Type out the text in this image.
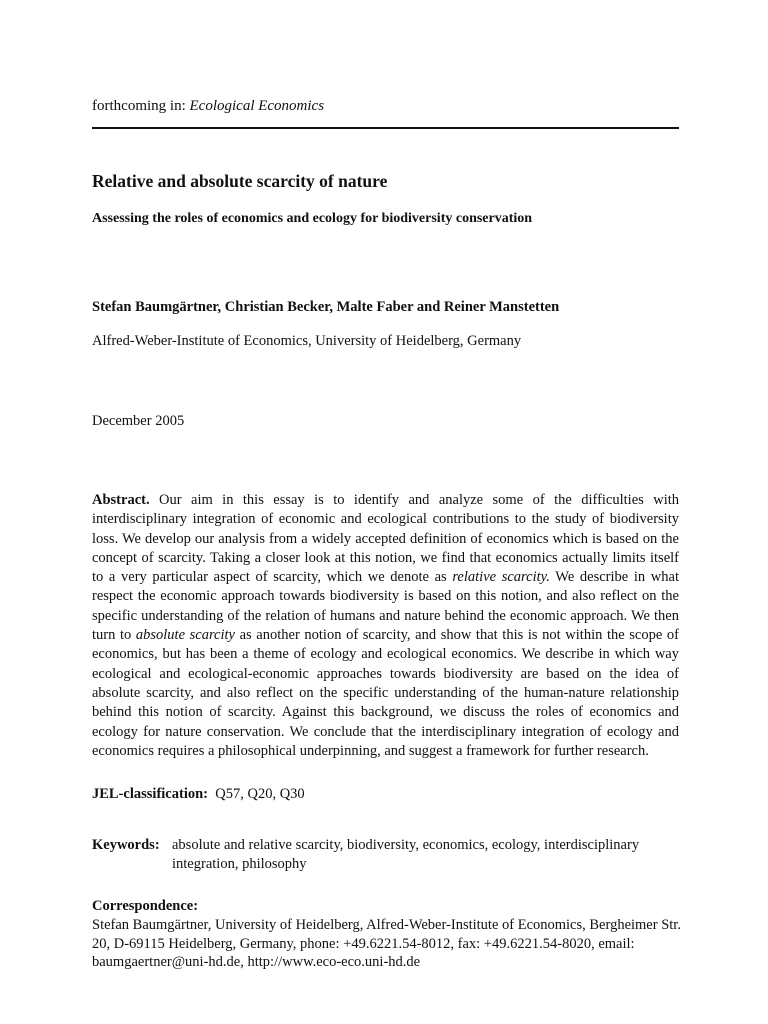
forthcoming in: Ecological Economics
Relative and absolute scarcity of nature
Assessing the roles of economics and ecology for biodiversity conservation
Stefan Baumgärtner, Christian Becker, Malte Faber and Reiner Manstetten
Alfred-Weber-Institute of Economics, University of Heidelberg, Germany
December 2005
Abstract. Our aim in this essay is to identify and analyze some of the difficulties with interdisciplinary integration of economic and ecological contributions to the study of biodiversity loss. We develop our analysis from a widely accepted definition of economics which is based on the concept of scarcity. Taking a closer look at this notion, we find that economics actually limits itself to a very particular aspect of scarcity, which we denote as relative scarcity. We describe in what respect the economic approach towards biodiversity is based on this notion, and also reflect on the specific understanding of the relation of humans and nature behind the economic approach. We then turn to absolute scarcity as another notion of scarcity, and show that this is not within the scope of economics, but has been a theme of ecology and ecological economics. We describe in which way ecological and ecological-economic approaches towards biodiversity are based on the idea of absolute scarcity, and also reflect on the specific understanding of the human-nature relationship behind this notion of scarcity. Against this background, we discuss the roles of economics and ecology for nature conservation. We conclude that the interdisciplinary integration of ecology and economics requires a philosophical underpinning, and suggest a framework for further research.
JEL-classification: Q57, Q20, Q30
Keywords: absolute and relative scarcity, biodiversity, economics, ecology, interdisciplinary integration, philosophy
Correspondence:
Stefan Baumgärtner, University of Heidelberg, Alfred-Weber-Institute of Economics, Bergheimer Str. 20, D-69115 Heidelberg, Germany, phone: +49.6221.54-8012, fax: +49.6221.54-8020, email: baumgaertner@uni-hd.de, http://www.eco-eco.uni-hd.de
